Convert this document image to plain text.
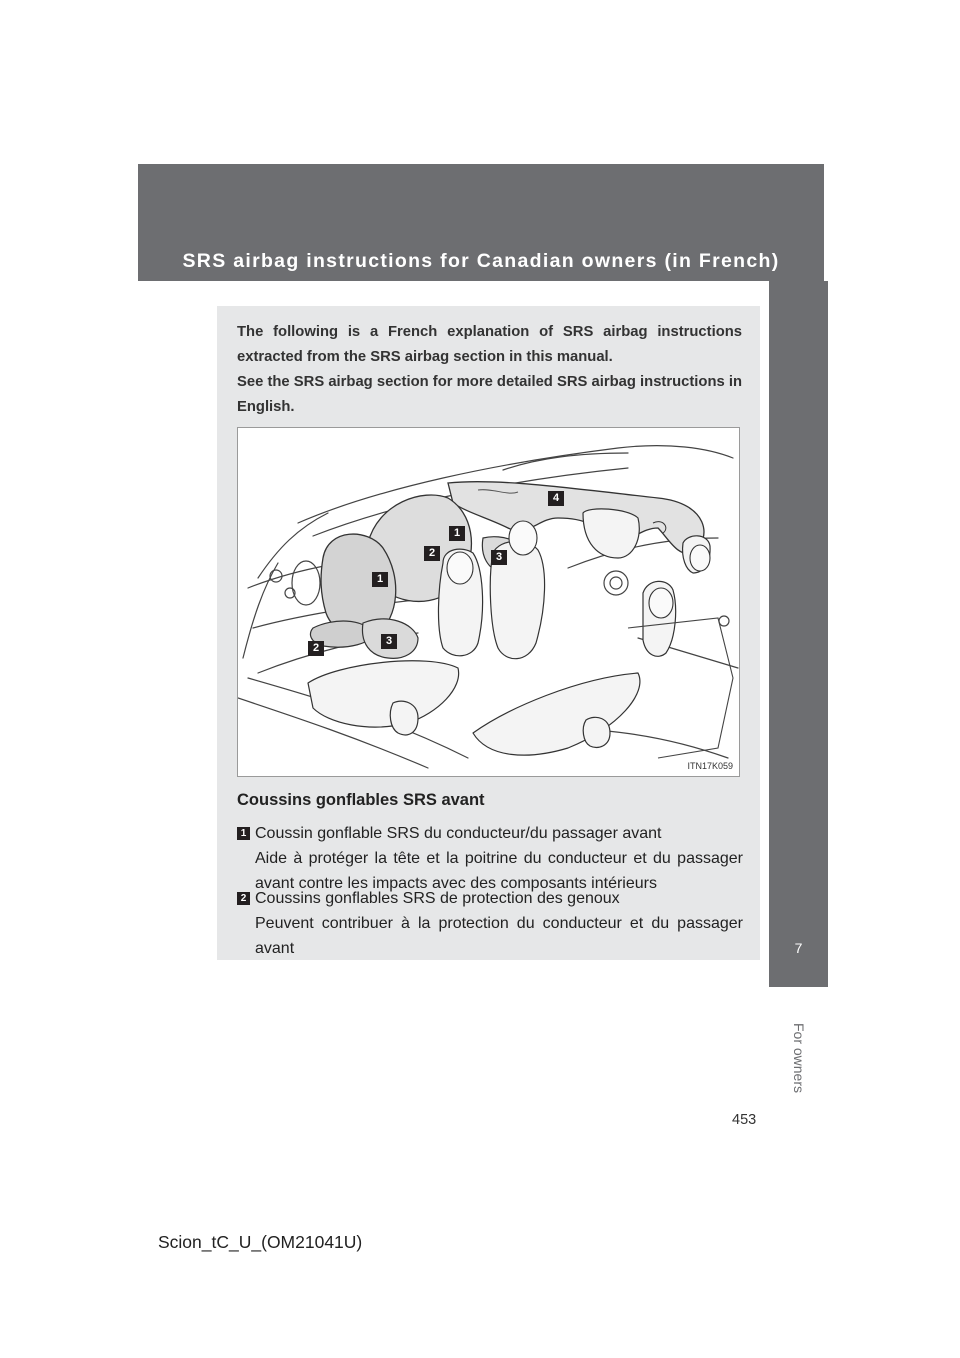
SRS airbag instructions for Canadian owners (in French)
7
For owners

The following is a French explanation of SRS airbag instructions extracted from the SRS airbag section in this manual.

See the SRS airbag section for more detailed SRS airbag instructions in English.

4
1
2	3
1
3
2
ITN17K059
Coussins gonflables SRS avant
1 Coussin gonflable SRS du conducteur/du passager avant
Aide à protéger la tête et la poitrine du conducteur et du passager avant contre les impacts avec des composants intérieurs
2 Coussins gonflables SRS de protection des genoux
Peuvent contribuer à la protection du conducteur et du passager avant
453
Scion_tC_U_(OM21041U)
